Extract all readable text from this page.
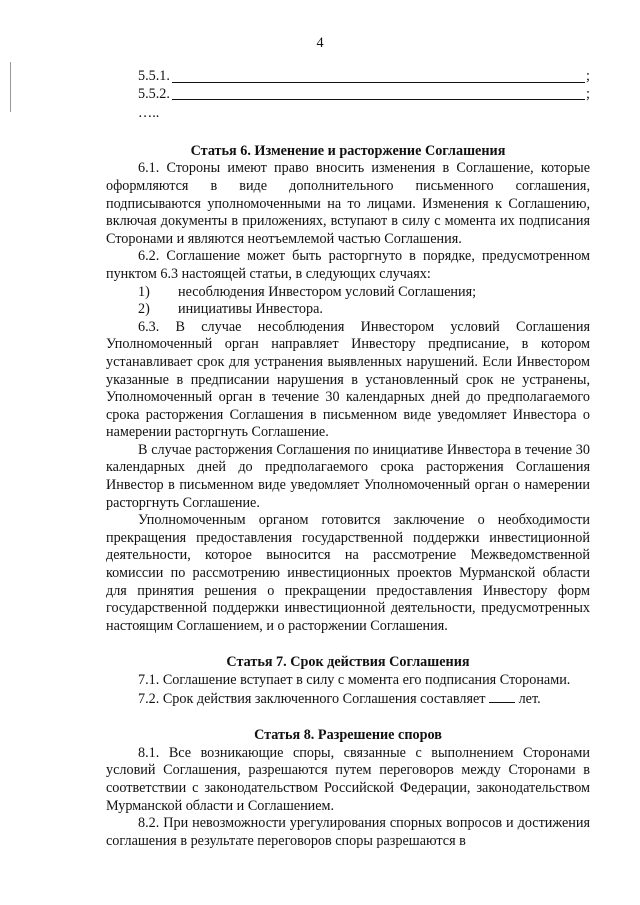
4
5.5.1.	;
5.5.2.	;
…..
Статья 6. Изменение и расторжение Соглашения

6.1. Стороны имеют право вносить изменения в Соглашение, которые оформляются в виде дополнительного письменного соглашения, подписываются уполномоченными на то лицами. Изменения к Соглашению, включая документы в приложениях, вступают в силу с момента их подписания Сторонами и являются неотъемлемой частью Соглашения.

6.2. Соглашение может быть расторгнуто в порядке, предусмотренном пунктом 6.3 настоящей статьи, в следующих случаях:

1)	несоблюдения Инвестором условий Соглашения;
2)	инициативы Инвестора.

6.3. В случае несоблюдения Инвестором условий Соглашения Уполномоченный орган направляет Инвестору предписание, в котором устанавливает срок для устранения выявленных нарушений. Если Инвестором указанные в предписании нарушения в установленный срок не устранены, Уполномоченный орган в течение 30 календарных дней до предполагаемого срока расторжения Соглашения в письменном виде уведомляет Инвестора о намерении расторгнуть Соглашение.

В случае расторжения Соглашения по инициативе Инвестора в течение 30 календарных дней до предполагаемого срока расторжения Соглашения Инвестор в письменном виде уведомляет Уполномоченный орган о намерении расторгнуть Соглашение.

Уполномоченным органом готовится заключение о необходимости прекращения предоставления государственной поддержки инвестиционной деятельности, которое выносится на рассмотрение Межведомственной комиссии по рассмотрению инвестиционных проектов Мурманской области для принятия решения о прекращении предоставления Инвестору форм государственной поддержки инвестиционной деятельности, предусмотренных настоящим Соглашением, и о расторжении Соглашения.

Статья 7. Срок действия Соглашения

7.1. Соглашение вступает в силу с момента его подписания Сторонами.

7.2. Срок действия заключенного Соглашения составляет лет.

Статья 8. Разрешение споров

8.1. Все возникающие споры, связанные с выполнением Сторонами условий Соглашения, разрешаются путем переговоров между Сторонами в соответствии с законодательством Российской Федерации, законодательством Мурманской области и Соглашением.

8.2. При невозможности урегулирования спорных вопросов и достижения соглашения в результате переговоров споры разрешаются в
